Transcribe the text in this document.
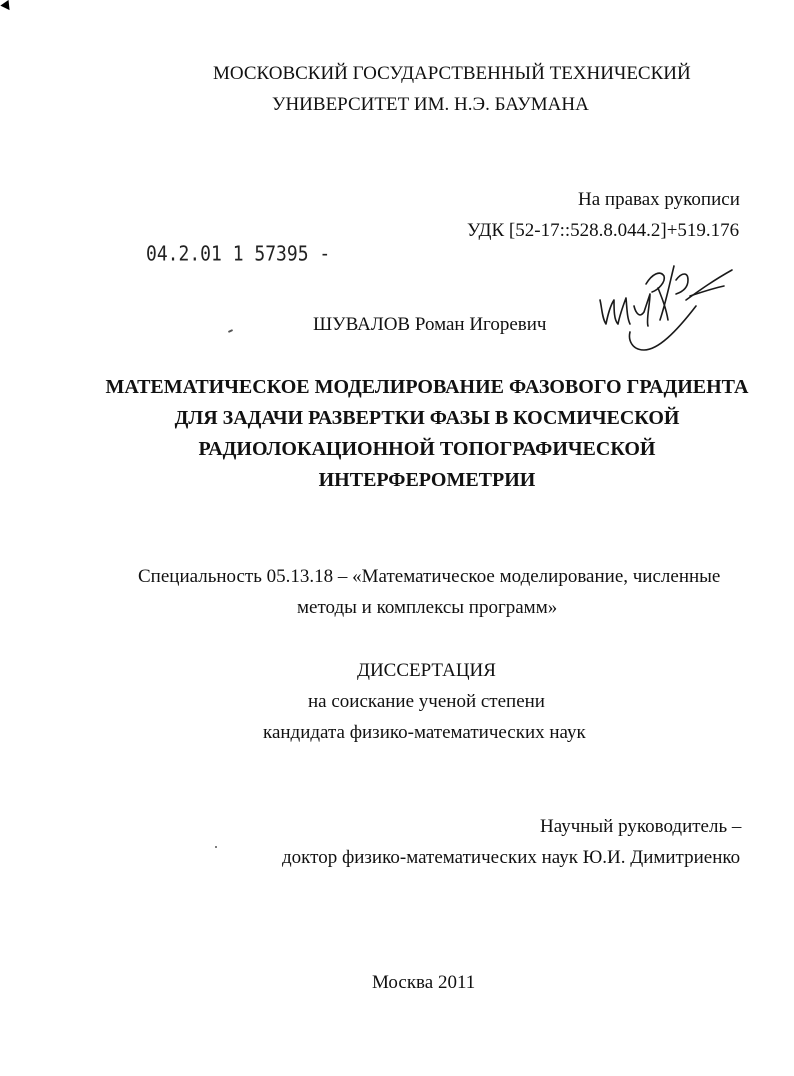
МОСКОВСКИЙ ГОСУДАРСТВЕННЫЙ ТЕХНИЧЕСКИЙ
УНИВЕРСИТЕТ ИМ. Н.Э. БАУМАНА
На правах рукописи
УДК [52-17::528.8.044.2]+519.176
04.2.01 1 57395 -
ШУВАЛОВ Роман Игоревич
МАТЕМАТИЧЕСКОЕ МОДЕЛИРОВАНИЕ ФАЗОВОГО ГРАДИЕНТА
ДЛЯ ЗАДАЧИ РАЗВЕРТКИ ФАЗЫ В КОСМИЧЕСКОЙ
РАДИОЛОКАЦИОННОЙ ТОПОГРАФИЧЕСКОЙ
ИНТЕРФЕРОМЕТРИИ
Специальность 05.13.18 – «Математическое моделирование, численные
методы и комплексы программ»
ДИССЕРТАЦИЯ
на соискание ученой степени
кандидата физико-математических наук
Научный руководитель –
доктор физико-математических наук Ю.И. Димитриенко
Москва 2011
